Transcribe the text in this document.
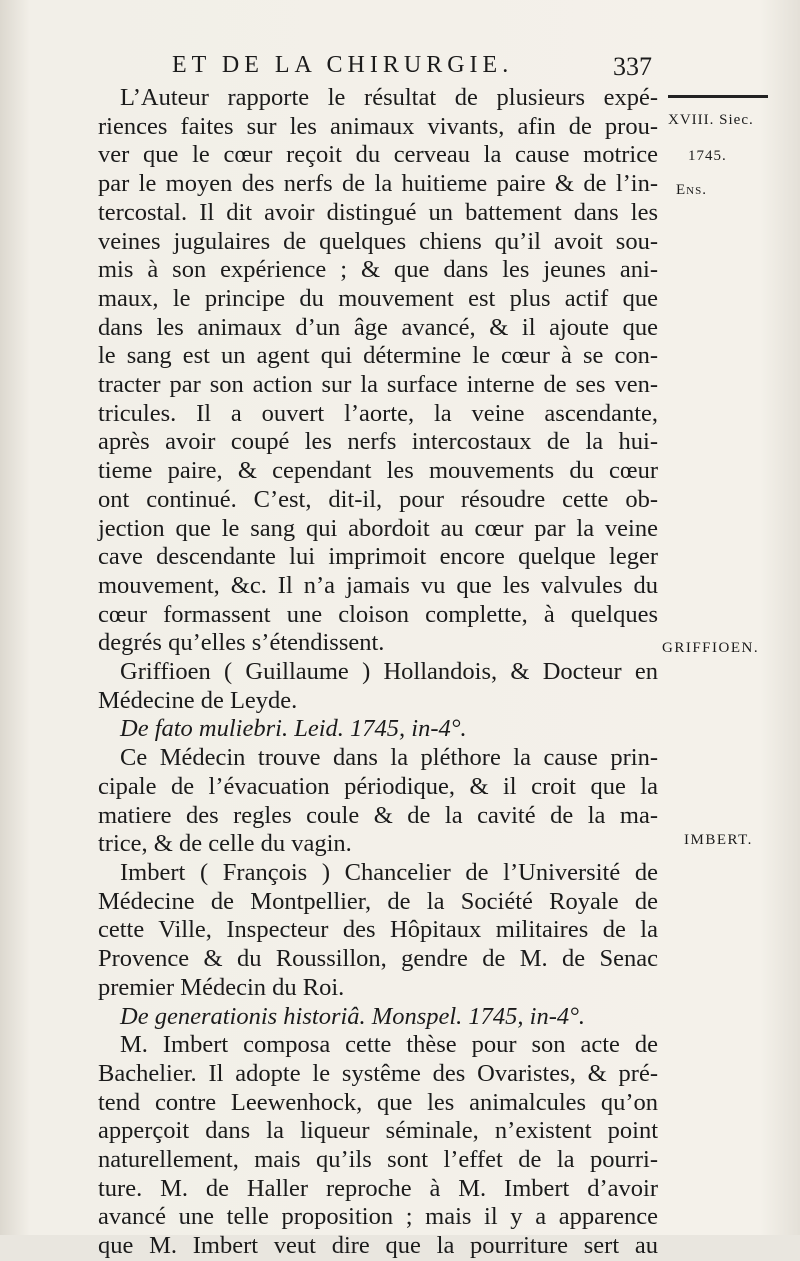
ET DE LA CHIRURGIE.	337
XVIII. Siec.
1745.
Ens.
GRIFFIOEN.
IMBERT.
L’Auteur rapporte le résultat de plusieurs expé-
riences faites sur les animaux vivants, afin de prou-
ver que le cœur reçoit du cerveau la cause motrice
par le moyen des nerfs de la huitieme paire & de l’in-
tercostal. Il dit avoir distingué un battement dans les
veines jugulaires de quelques chiens qu’il avoit sou-
mis à son expérience ; & que dans les jeunes ani-
maux, le principe du mouvement est plus actif que
dans les animaux d’un âge avancé, & il ajoute que
le sang est un agent qui détermine le cœur à se con-
tracter par son action sur la surface interne de ses ven-
tricules. Il a ouvert l’aorte, la veine ascendante,
après avoir coupé les nerfs intercostaux de la hui-
tieme paire, & cependant les mouvements du cœur
ont continué. C’est, dit-il, pour résoudre cette ob-
jection que le sang qui abordoit au cœur par la veine
cave descendante lui imprimoit encore quelque leger
mouvement, &c. Il n’a jamais vu que les valvules du
cœur formassent une cloison complette, à quelques
degrés qu’elles s’étendissent.
Griffioen ( Guillaume ) Hollandois, & Docteur en
Médecine de Leyde.
De fato muliebri. Leid. 1745, in-4°.
Ce Médecin trouve dans la pléthore la cause prin-
cipale de l’évacuation périodique, & il croit que la
matiere des regles coule & de la cavité de la ma-
trice, & de celle du vagin.
Imbert ( François ) Chancelier de l’Université de
Médecine de Montpellier, de la Société Royale de
cette Ville, Inspecteur des Hôpitaux militaires de la
Provence & du Roussillon, gendre de M. de Senac
premier Médecin du Roi.
De generationis historiâ. Monspel. 1745, in-4°.
M. Imbert composa cette thèse pour son acte de
Bachelier. Il adopte le systême des Ovaristes, & pré-
tend contre Leewenhock, que les animalcules qu’on
apperçoit dans la liqueur séminale, n’existent point
naturellement, mais qu’ils sont l’effet de la pourri-
ture. M. de Haller reproche à M. Imbert d’avoir
avancé une telle proposition ; mais il y a apparence
que M. Imbert veut dire que la pourriture sert au
